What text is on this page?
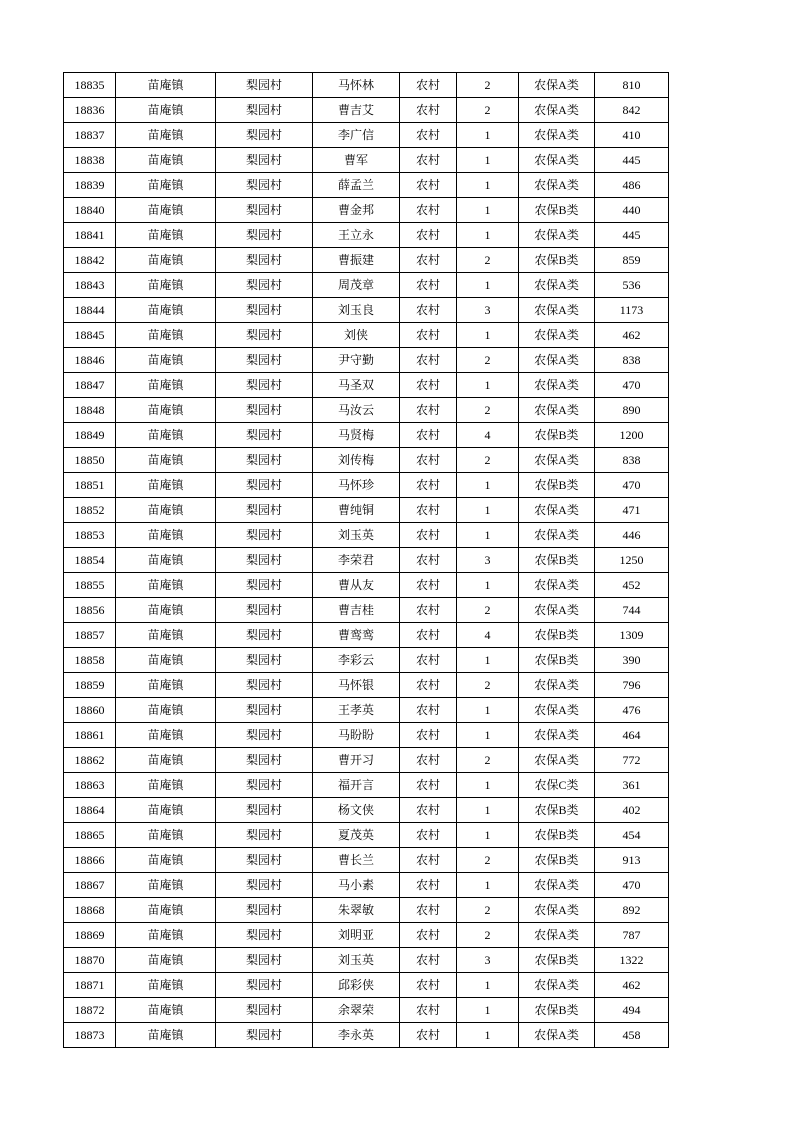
18835	苗庵镇	梨园村	马怀林	农村	2	农保A类	810
18836	苗庵镇	梨园村	曹吉艾	农村	2	农保A类	842
18837	苗庵镇	梨园村	李广信	农村	1	农保A类	410
18838	苗庵镇	梨园村	曹军	农村	1	农保A类	445
18839	苗庵镇	梨园村	薛孟兰	农村	1	农保A类	486
18840	苗庵镇	梨园村	曹金邦	农村	1	农保B类	440
18841	苗庵镇	梨园村	王立永	农村	1	农保A类	445
18842	苗庵镇	梨园村	曹振建	农村	2	农保B类	859
18843	苗庵镇	梨园村	周茂章	农村	1	农保A类	536
18844	苗庵镇	梨园村	刘玉良	农村	3	农保A类	1173
18845	苗庵镇	梨园村	刘侠	农村	1	农保A类	462
18846	苗庵镇	梨园村	尹守勤	农村	2	农保A类	838
18847	苗庵镇	梨园村	马圣双	农村	1	农保A类	470
18848	苗庵镇	梨园村	马汝云	农村	2	农保A类	890
18849	苗庵镇	梨园村	马贤梅	农村	4	农保B类	1200
18850	苗庵镇	梨园村	刘传梅	农村	2	农保A类	838
18851	苗庵镇	梨园村	马怀珍	农村	1	农保B类	470
18852	苗庵镇	梨园村	曹纯铜	农村	1	农保A类	471
18853	苗庵镇	梨园村	刘玉英	农村	1	农保A类	446
18854	苗庵镇	梨园村	李荣君	农村	3	农保B类	1250
18855	苗庵镇	梨园村	曹从友	农村	1	农保A类	452
18856	苗庵镇	梨园村	曹吉桂	农村	2	农保A类	744
18857	苗庵镇	梨园村	曹鸾鸾	农村	4	农保B类	1309
18858	苗庵镇	梨园村	李彩云	农村	1	农保B类	390
18859	苗庵镇	梨园村	马怀银	农村	2	农保A类	796
18860	苗庵镇	梨园村	王孝英	农村	1	农保A类	476
18861	苗庵镇	梨园村	马盼盼	农村	1	农保A类	464
18862	苗庵镇	梨园村	曹开习	农村	2	农保A类	772
18863	苗庵镇	梨园村	福开言	农村	1	农保C类	361
18864	苗庵镇	梨园村	杨文侠	农村	1	农保B类	402
18865	苗庵镇	梨园村	夏茂英	农村	1	农保B类	454
18866	苗庵镇	梨园村	曹长兰	农村	2	农保B类	913
18867	苗庵镇	梨园村	马小素	农村	1	农保A类	470
18868	苗庵镇	梨园村	朱翠敏	农村	2	农保A类	892
18869	苗庵镇	梨园村	刘明亚	农村	2	农保A类	787
18870	苗庵镇	梨园村	刘玉英	农村	3	农保B类	1322
18871	苗庵镇	梨园村	邱彩侠	农村	1	农保A类	462
18872	苗庵镇	梨园村	余翠荣	农村	1	农保B类	494
18873	苗庵镇	梨园村	李永英	农村	1	农保A类	458
